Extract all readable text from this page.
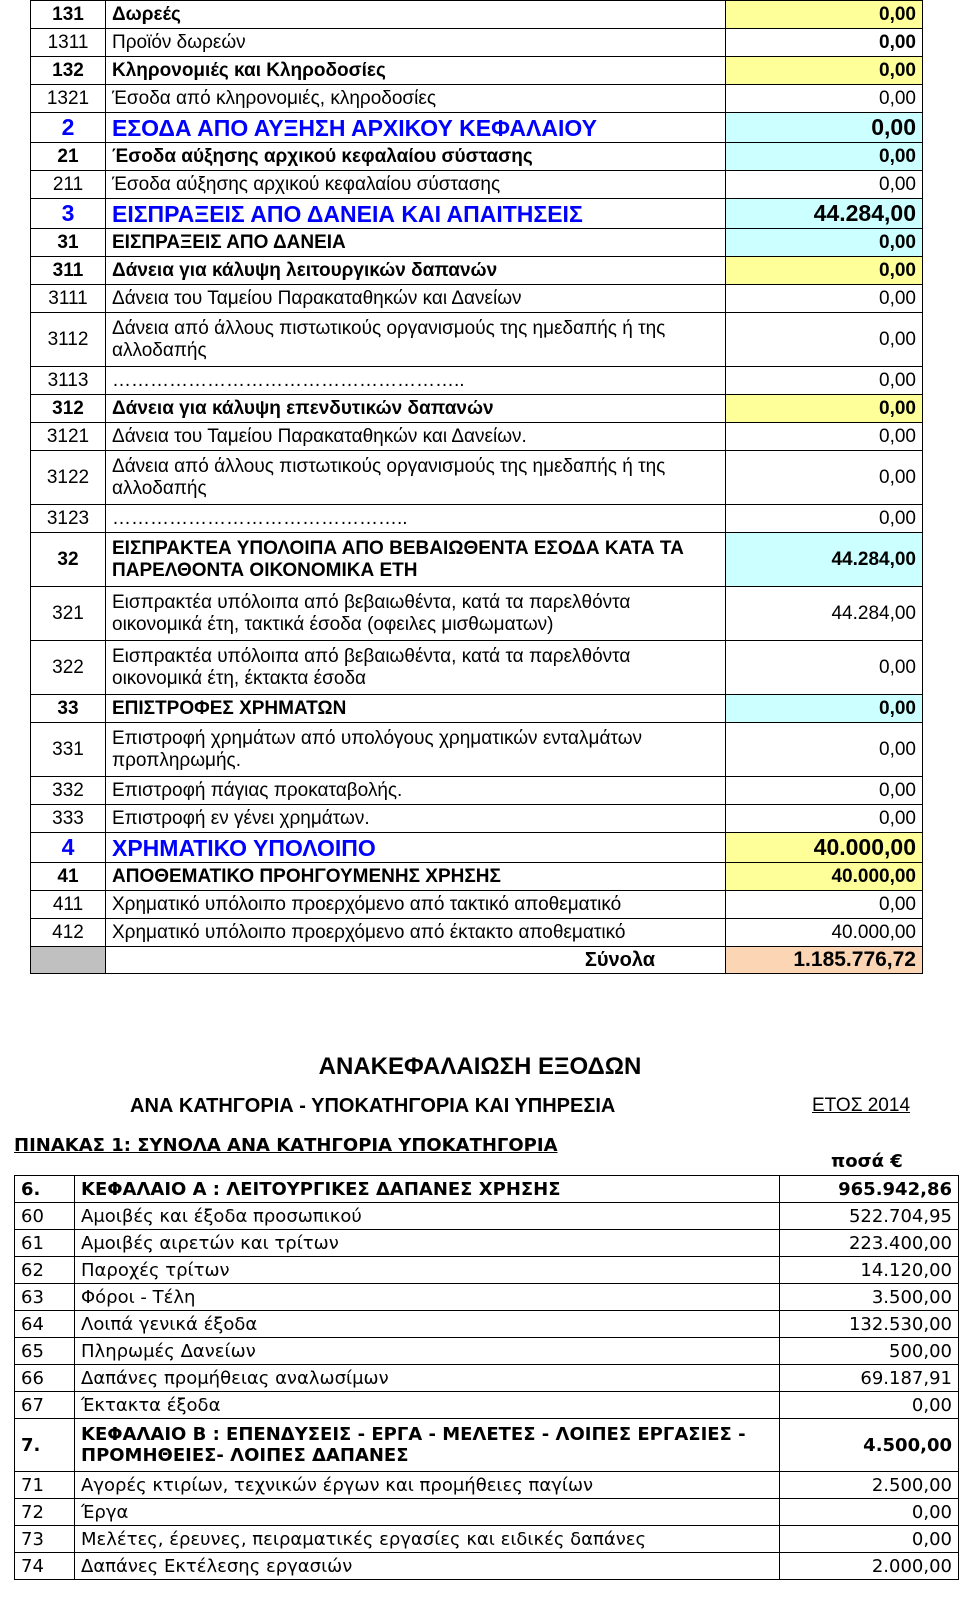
131	Δωρεές	0,00
1311	Προϊόν δωρεών	0,00
132	Κληρονομιές και Κληροδοσίες	0,00
1321	Έσοδα από κληρονομιές, κληροδοσίες	0,00
2	ΕΣΟΔΑ ΑΠΟ ΑΥΞΗΣΗ ΑΡΧΙΚΟΥ ΚΕΦΑΛΑΙΟΥ	0,00
21	Έσοδα αύξησης αρχικού κεφαλαίου σύστασης	0,00
211	Έσοδα αύξησης αρχικού κεφαλαίου σύστασης	0,00
3	ΕΙΣΠΡΑΞΕΙΣ ΑΠΟ ΔΑΝΕΙΑ ΚΑΙ ΑΠΑΙΤΗΣΕΙΣ	44.284,00
31	ΕΙΣΠΡΑΞΕΙΣ ΑΠΟ ΔΑΝΕΙΑ	0,00
311	Δάνεια για κάλυψη λειτουργικών δαπανών	0,00
3111	Δάνεια του Ταμείου Παρακαταθηκών και Δανείων	0,00
3112	Δάνεια από άλλους πιστωτικούς οργανισμούς της ημεδαπής ή της αλλοδαπής	0,00
3113	………………………………………………..	0,00
312	Δάνεια για κάλυψη επενδυτικών δαπανών	0,00
3121	Δάνεια του Ταμείου Παρακαταθηκών και Δανείων.	0,00
3122	Δάνεια από άλλους πιστωτικούς οργανισμούς της ημεδαπής ή της αλλοδαπής	0,00
3123	………………………………………..	0,00
32	ΕΙΣΠΡΑΚΤΕΑ ΥΠΟΛΟΙΠΑ ΑΠΟ ΒΕΒΑΙΩΘΕΝΤΑ ΕΣΟΔΑ ΚΑΤΑ ΤΑ ΠΑΡΕΛΘΟΝΤΑ ΟΙΚΟΝΟΜΙΚΑ ΕΤΗ	44.284,00
321	Εισπρακτέα υπόλοιπα από βεβαιωθέντα, κατά τα παρελθόντα οικονομικά έτη, τακτικά έσοδα (οφειλες μισθωματων)	44.284,00
322	Εισπρακτέα υπόλοιπα από βεβαιωθέντα, κατά τα παρελθόντα οικονομικά έτη, έκτακτα έσοδα	0,00
33	ΕΠΙΣΤΡΟΦΕΣ ΧΡΗΜΑΤΩΝ	0,00
331	Επιστροφή χρημάτων από υπολόγους χρηματικών ενταλμάτων προπληρωμής.	0,00
332	Επιστροφή πάγιας προκαταβολής.	0,00
333	Επιστροφή εν γένει χρημάτων.	0,00
4	ΧΡΗΜΑΤΙΚΟ ΥΠΟΛΟΙΠΟ	40.000,00
41	ΑΠΟΘΕΜΑΤΙΚΟ ΠΡΟΗΓΟΥΜΕΝΗΣ ΧΡΗΣΗΣ	40.000,00
411	Χρηματικό υπόλοιπο προερχόμενο από τακτικό αποθεματικό	0,00
412	Χρηματικό υπόλοιπο προερχόμενο από έκτακτο αποθεματικό	40.000,00
	Σύνολα	1.185.776,72
ΑΝΑΚΕΦΑΛΑΙΩΣΗ ΕΞΟΔΩΝ
ΑΝΑ ΚΑΤΗΓΟΡΙΑ - ΥΠΟΚΑΤΗΓΟΡΙΑ ΚΑΙ ΥΠΗΡΕΣΙΑ	ΕΤΟΣ 2014
ΠΙΝΑΚΑΣ 1: ΣΥΝΟΛΑ ΑΝΑ ΚΑΤΗΓΟΡΙΑ ΥΠΟΚΑΤΗΓΟΡΙΑ
ποσά €
6.	ΚΕΦΑΛΑΙΟ Α : ΛΕΙΤΟΥΡΓΙΚΕΣ ΔΑΠΑΝΕΣ ΧΡΗΣΗΣ	965.942,86
60	Αμοιβές και έξοδα προσωπικού	522.704,95
61	Αμοιβές αιρετών και τρίτων	223.400,00
62	Παροχές τρίτων	14.120,00
63	Φόροι - Τέλη	3.500,00
64	Λοιπά γενικά έξοδα	132.530,00
65	Πληρωμές Δανείων	500,00
66	Δαπάνες προμήθειας αναλωσίμων	69.187,91
67	Έκτακτα έξοδα	0,00
7.	ΚΕΦΑΛΑΙΟ Β : ΕΠΕΝΔΥΣΕΙΣ - ΕΡΓΑ - ΜΕΛΕΤΕΣ - ΛΟΙΠΕΣ ΕΡΓΑΣΙΕΣ - ΠΡΟΜΗΘΕΙΕΣ- ΛΟΙΠΕΣ ΔΑΠΑΝΕΣ	4.500,00
71	Αγορές κτιρίων, τεχνικών έργων και προμήθειες παγίων	2.500,00
72	Έργα	0,00
73	Μελέτες, έρευνες, πειραματικές εργασίες και ειδικές δαπάνες	0,00
74	Δαπάνες Εκτέλεσης εργασιών	2.000,00
